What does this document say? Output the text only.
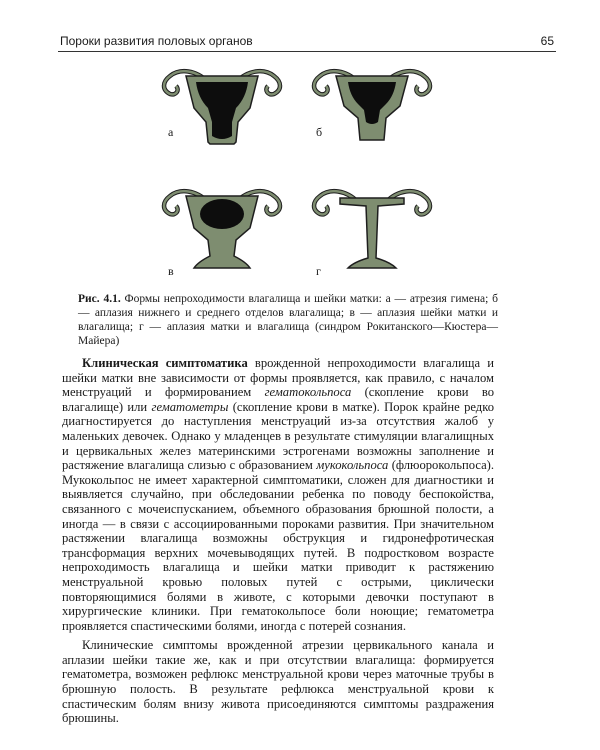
Пороки развития половых органов	65
а	б
в	г
Рис. 4.1. Формы непроходимости влагалища и шейки матки: а — атрезия гимена; б — аплазия нижнего и среднего отделов влагалища; в — аплазия шейки матки и влагалища; г — аплазия матки и влагалища (синдром Рокитанского—Кюстера—Майера)

Клиническая симптоматика врожденной непроходимости влагалища и шейки матки вне зависимости от формы проявляется, как правило, с началом менструаций и формированием гематокольпоса (скопление крови во влагалище) или гематометры (скопление крови в матке). Порок крайне редко диагностируется до наступления менструаций из-за отсутствия жалоб у маленьких девочек. Однако у младенцев в результате стимуляции влагалищных и цервикальных желез материнскими эстрогенами возможны заполнение и растяжение влагалища слизью с образованием мукокольпоса (флюорокольпоса). Мукокольпос не имеет характерной симптоматики, сложен для диагностики и выявляется случайно, при обследовании ребенка по поводу беспокойства, связанного с мочеиспусканием, объемного образования брюшной полости, а иногда — в связи с ассоциированными пороками развития. При значительном растяжении влагалища возможны обструкция и гидронефротическая трансформация верхних мочевыводящих путей. В подростковом возрасте непроходимость влагалища и шейки матки приводит к растяжению менструальной кровью половых путей с острыми, циклически повторяющимися болями в животе, с которыми девочки поступают в хирургические клиники. При гематокольпосе боли ноющие; гематометра проявляется спастическими болями, иногда с потерей сознания.

Клинические симптомы врожденной атрезии цервикального канала и аплазии шейки такие же, как и при отсутствии влагалища: формируется гематометра, возможен рефлюкс менструальной крови через маточные трубы в брюшную полость. В результате рефлюкса менструальной крови к спастическим болям внизу живота присоединяются симптомы раздражения брюшины.
